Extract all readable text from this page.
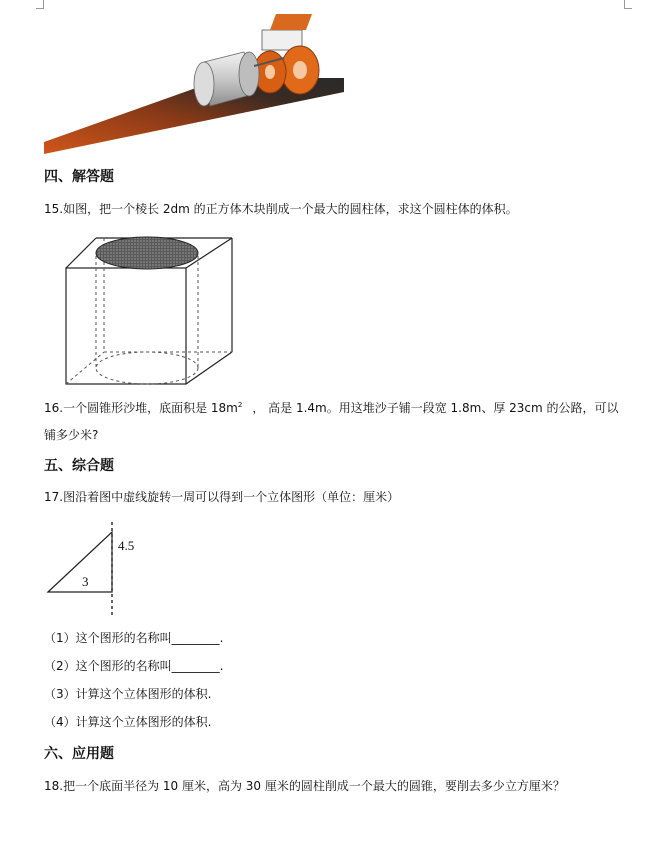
四、解答题
15.如图，把一个棱长 2dm 的正方体木块削成一个最大的圆柱体，求这个圆柱体的体积。
16.一个圆锥形沙堆，底面积是 $18m^2$ ， 高是 1.4m。用这堆沙子铺一段宽 1.8m、厚 23cm 的公路，可以
铺多少米?
五、综合题
17.图沿着图中虚线旋转一周可以得到一个立体图形（单位：厘米）
4.5
3
（1）这个图形的名称叫________.
（2）这个图形的名称叫________.
（3）计算这个立体图形的体积.
（4）计算这个立体图形的体积.
六、应用题
18.把一个底面半径为 10 厘米，高为 30 厘米的圆柱削成一个最大的圆锥，要削去多少立方厘米？
